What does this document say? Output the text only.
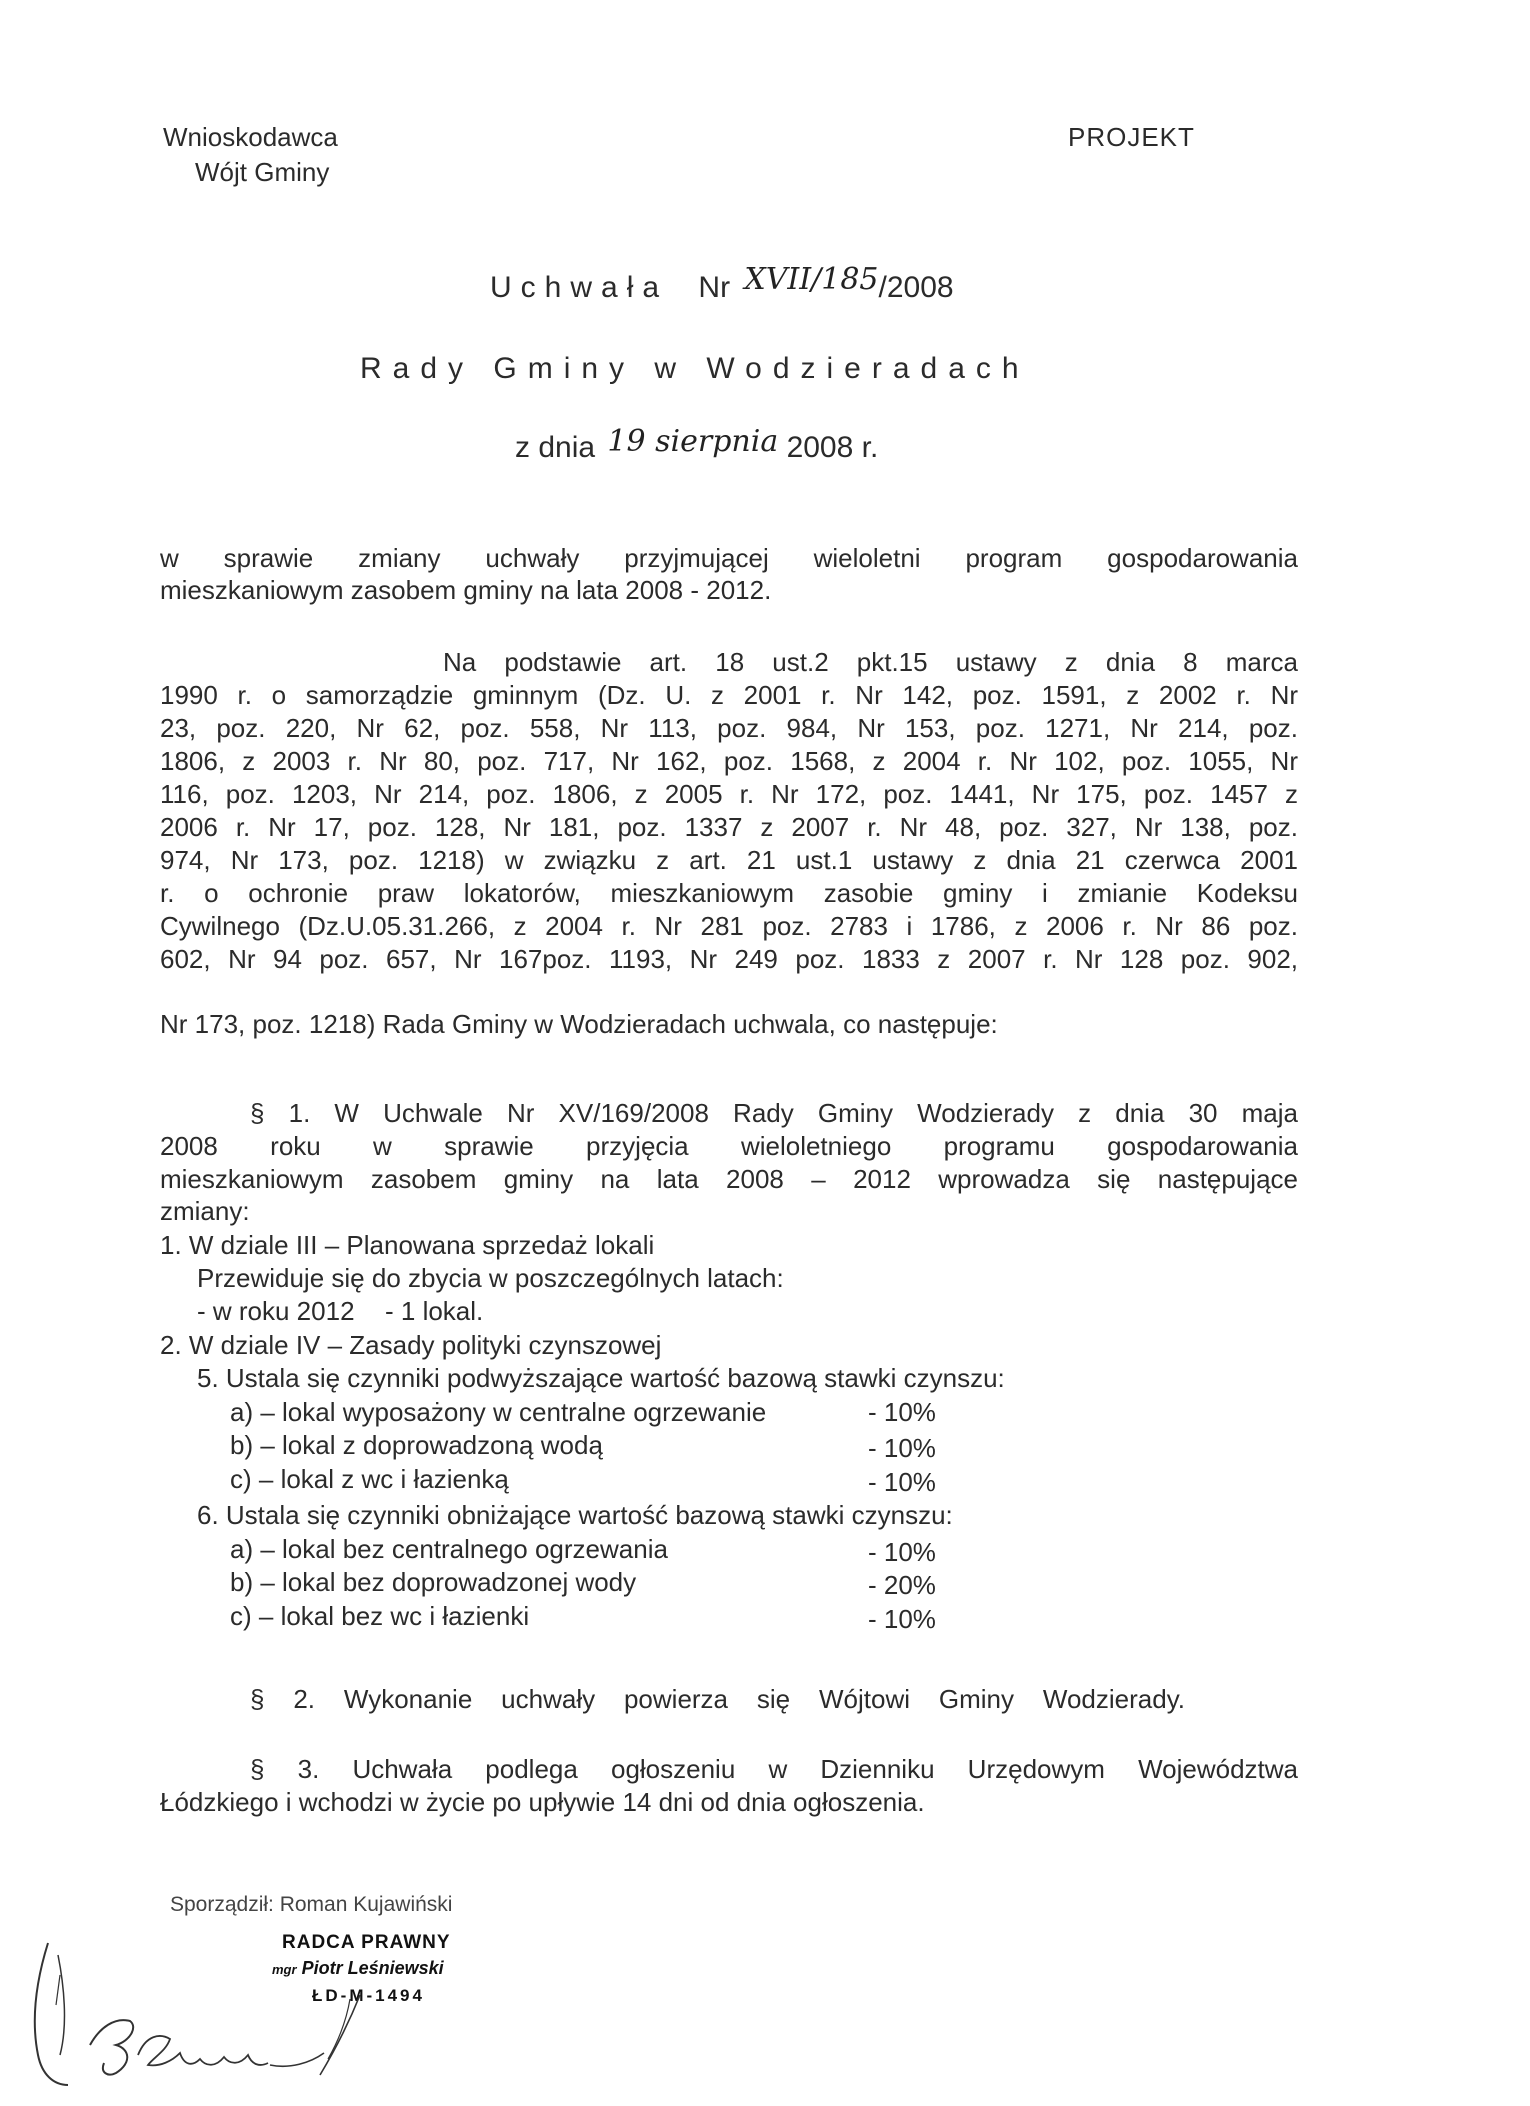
Wnioskodawca
Wójt Gminy
PROJEKT
Uchwała Nr XVII/185/2008
Rady Gminy w Wodzieradach
z dnia 19 sierpnia 2008 r.
w sprawie zmiany uchwały przyjmującej wieloletni program gospodarowania
mieszkaniowym zasobem gminy na lata 2008 - 2012.
Na podstawie art. 18 ust.2 pkt.15 ustawy z dnia 8 marca
1990 r. o samorządzie gminnym (Dz. U. z 2001 r. Nr 142, poz. 1591, z 2002 r. Nr
23, poz. 220, Nr 62, poz. 558, Nr 113, poz. 984, Nr 153, poz. 1271, Nr 214, poz.
1806, z 2003 r. Nr 80, poz. 717, Nr 162, poz. 1568, z 2004 r. Nr 102, poz. 1055, Nr
116, poz. 1203, Nr 214, poz. 1806, z 2005 r. Nr 172, poz. 1441, Nr 175, poz. 1457 z
2006 r. Nr 17, poz. 128, Nr 181, poz. 1337 z 2007 r. Nr 48, poz. 327, Nr 138, poz.
974, Nr 173, poz. 1218) w związku z art. 21 ust.1 ustawy z dnia 21 czerwca 2001
r. o ochronie praw lokatorów, mieszkaniowym zasobie gminy i zmianie Kodeksu
Cywilnego (Dz.U.05.31.266, z 2004 r. Nr 281 poz. 2783 i 1786, z 2006 r. Nr 86 poz.
602, Nr 94 poz. 657, Nr 167poz. 1193, Nr 249 poz. 1833 z 2007 r. Nr 128 poz. 902,
Nr 173, poz. 1218) Rada Gminy w Wodzieradach uchwala, co następuje:
§ 1. W Uchwale Nr XV/169/2008 Rady Gminy Wodzierady z dnia 30 maja
2008 roku w sprawie przyjęcia wieloletniego programu gospodarowania
mieszkaniowym zasobem gminy na lata 2008 – 2012 wprowadza się następujące
zmiany:
1. W dziale III – Planowana sprzedaż lokali
Przewiduje się do zbycia w poszczególnych latach:
- w roku 2012 - 1 lokal.
2. W dziale IV – Zasady polityki czynszowej
5. Ustala się czynniki podwyższające wartość bazową stawki czynszu:
a) – lokal wyposażony w centralne ogrzewanie	- 10%
b) – lokal z doprowadzoną wodą	- 10%
c) – lokal z wc i łazienką	- 10%
6. Ustala się czynniki obniżające wartość bazową stawki czynszu:
a) – lokal bez centralnego ogrzewania	- 10%
b) – lokal bez doprowadzonej wody	- 20%
c) – lokal bez wc i łazienki	- 10%
§ 2. Wykonanie uchwały powierza się Wójtowi Gminy Wodzierady.
§ 3. Uchwała podlega ogłoszeniu w Dzienniku Urzędowym Województwa
Łódzkiego i wchodzi w życie po upływie 14 dni od dnia ogłoszenia.
Sporządził: Roman Kujawiński
RADCA PRAWNY
mgr Piotr Leśniewski
ŁD-M-1494
